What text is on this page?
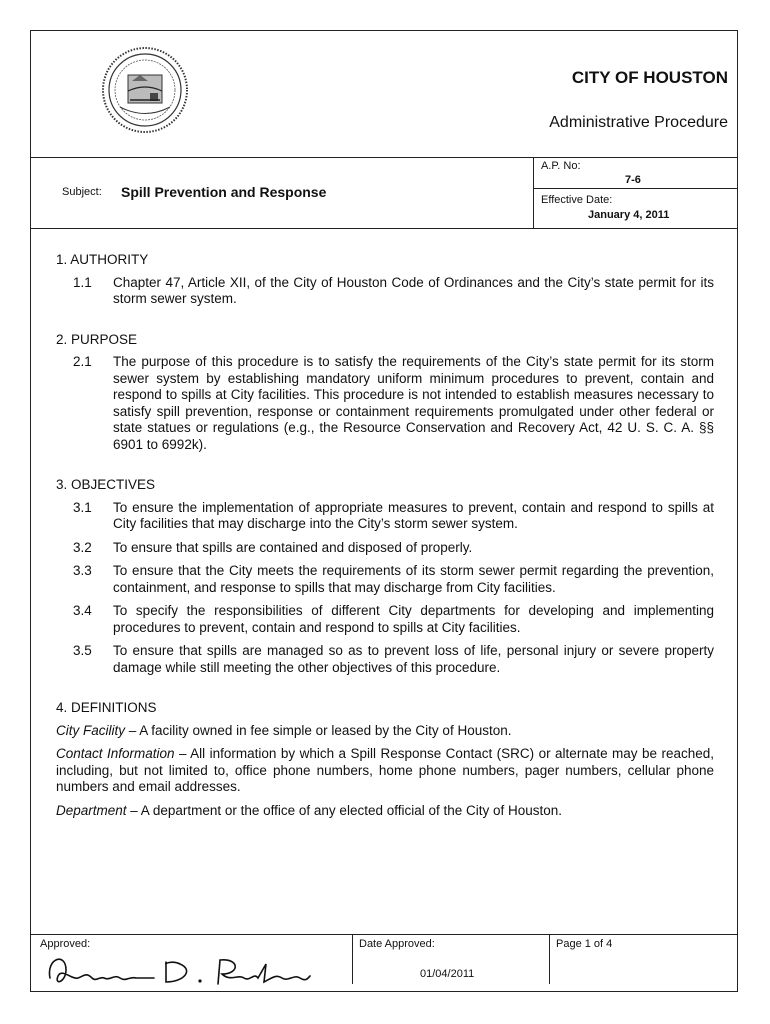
CITY OF HOUSTON
Administrative Procedure
Subject: Spill Prevention and Response
A.P. No:
7-6
Effective Date:
January 4, 2011
1. AUTHORITY
1.1	Chapter 47, Article XII, of the City of Houston Code of Ordinances and the City’s state permit for its storm sewer system.
2. PURPOSE
2.1	The purpose of this procedure is to satisfy the requirements of the City’s state permit for its storm sewer system by establishing mandatory uniform minimum procedures to prevent, contain and respond to spills at City facilities. This procedure is not intended to establish measures necessary to satisfy spill prevention, response or containment requirements promulgated under other federal or state statues or regulations (e.g., the Resource Conservation and Recovery Act, 42 U. S. C. A. §§ 6901 to 6992k).
3. OBJECTIVES
3.1	To ensure the implementation of appropriate measures to prevent, contain and respond to spills at City facilities that may discharge into the City’s storm sewer system.
3.2	To ensure that spills are contained and disposed of properly.
3.3	To ensure that the City meets the requirements of its storm sewer permit regarding the prevention, containment, and response to spills that may discharge from City facilities.
3.4	To specify the responsibilities of different City departments for developing and implementing procedures to prevent, contain and respond to spills at City facilities.
3.5	To ensure that spills are managed so as to prevent loss of life, personal injury or severe property damage while still meeting the other objectives of this procedure.
4. DEFINITIONS

City Facility – A facility owned in fee simple or leased by the City of Houston.

Contact Information – All information by which a Spill Response Contact (SRC) or alternate may be reached, including, but not limited to, office phone numbers, home phone numbers, pager numbers, cellular phone numbers and email addresses.

Department – A department or the office of any elected official of the City of Houston.

Approved:	Date Approved:
01/04/2011
Page 1 of 4
